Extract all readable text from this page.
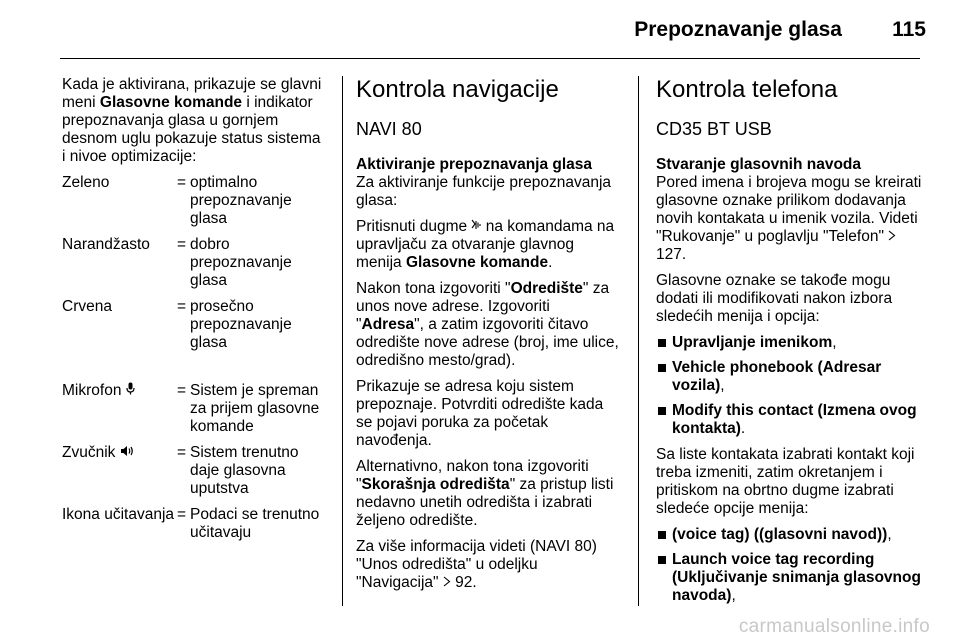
Prepoznavanje glasa 115

Kada je aktivirana, prikazuje se glavni meni Glasovne komande i indikator prepoznavanja glasa u gornjem desnom uglu pokazuje status sistema i nivoe optimizacije:

Zeleno	=	optimalno prepoznavanje glasa
Narandžasto	=	dobro prepoznavanje glasa
Crvena	=	prosečno prepoznavanje glasa
Mikrofon	=	Sistem je spreman za prijem glasovne komande
Zvučnik	=	Sistem trenutno daje glasovna uputstva
Ikona učitavanja	=	Podaci se trenutno učitavaju
Kontrola navigacije
NAVI 80
Aktiviranje prepoznavanja glasa

Za aktiviranje funkcije prepoznavanja glasa:

Pritisnuti dugme  na komandama na upravljaču za otvaranje glavnog menija Glasovne komande.

Nakon tona izgovoriti "Odredište" za unos nove adrese. Izgovoriti "Adresa", a zatim izgovoriti čitavo odredište nove adrese (broj, ime ulice, odredišno mesto/grad).

Prikazuje se adresa koju sistem prepoznaje. Potvrditi odredište kada se pojavi poruka za početak navođenja.

Alternativno, nakon tona izgovoriti "Skorašnja odredišta" za pristup listi nedavno unetih odredišta i izabrati željeno odredište.

Za više informacija videti (NAVI 80) "Unos odredišta" u odeljku "Navigacija"  92.

Kontrola telefona
CD35 BT USB
Stvaranje glasovnih navoda

Pored imena i brojeva mogu se kreirati glasovne oznake prilikom dodavanja novih kontakata u imenik vozila. Videti "Rukovanje" u poglavlju "Telefon"  127.

Glasovne oznake se takođe mogu dodati ili modifikovati nakon izbora sledećih menija i opcija:

Upravljanje imenikom,
Vehicle phonebook (Adresar vozila),
Modify this contact (Izmena ovog kontakta).

Sa liste kontakata izabrati kontakt koji treba izmeniti, zatim okretanjem i pritiskom na obrtno dugme izabrati sledeće opcije menija:

(voice tag) ((glasovni navod)),
Launch voice tag recording (Uključivanje snimanja glasovnog navoda),
carmanualsonline.info
